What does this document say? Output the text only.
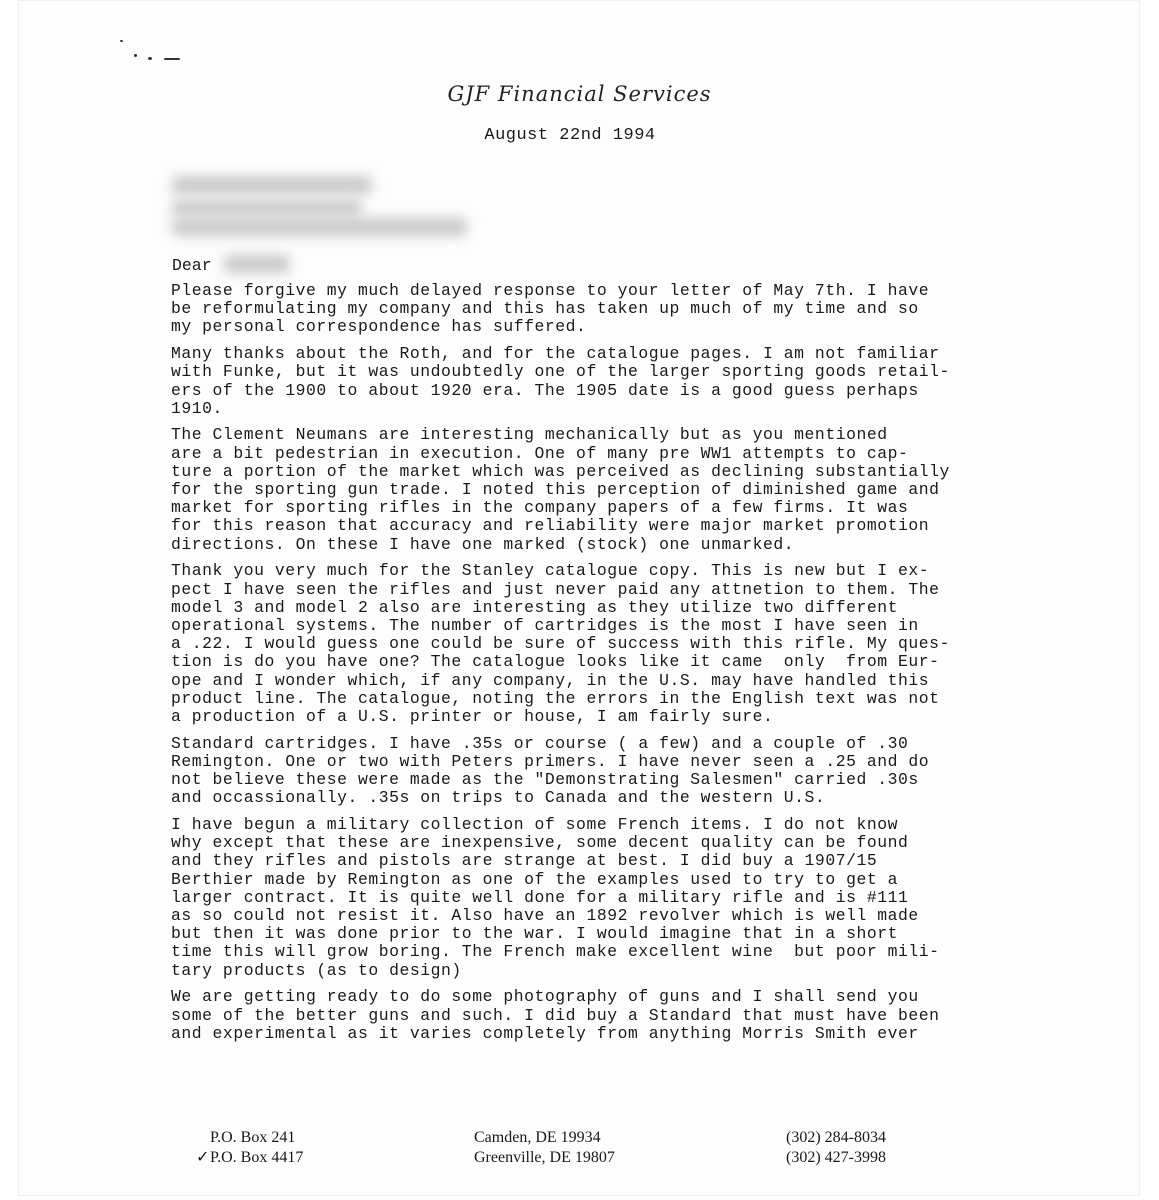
GJF Financial Services
August 22nd 1994
Dear
Please forgive my much delayed response to your letter of May 7th. I have
be reformulating my company and this has taken up much of my time and so
my personal correspondence has suffered.
Many thanks about the Roth, and for the catalogue pages. I am not familiar
with Funke, but it was undoubtedly one of the larger sporting goods retail-
ers of the 1900 to about 1920 era. The 1905 date is a good guess perhaps
1910.
The Clement Neumans are interesting mechanically but as you mentioned
are a bit pedestrian in execution. One of many pre WW1 attempts to cap-
ture a portion of the market which was perceived as declining substantially
for the sporting gun trade. I noted this perception of diminished game and
market for sporting rifles in the company papers of a few firms. It was
for this reason that accuracy and reliability were major market promotion
directions. On these I have one marked (stock) one unmarked.
Thank you very much for the Stanley catalogue copy. This is new but I ex-
pect I have seen the rifles and just never paid any attnetion to them. The
model 3 and model 2 also are interesting as they utilize two different
operational systems. The number of cartridges is the most I have seen in
a .22. I would guess one could be sure of success with this rifle. My ques-
tion is do you have one? The catalogue looks like it came  only  from Eur-
ope and I wonder which, if any company, in the U.S. may have handled this
product line. The catalogue, noting the errors in the English text was not
a production of a U.S. printer or house, I am fairly sure.
Standard cartridges. I have .35s or course ( a few) and a couple of .30
Remington. One or two with Peters primers. I have never seen a .25 and do
not believe these were made as the "Demonstrating Salesmen" carried .30s
and occassionally. .35s on trips to Canada and the western U.S.
I have begun a military collection of some French items. I do not know
why except that these are inexpensive, some decent quality can be found
and they rifles and pistols are strange at best. I did buy a 1907/15
Berthier made by Remington as one of the examples used to try to get a
larger contract. It is quite well done for a military rifle and is #111
as so could not resist it. Also have an 1892 revolver which is well made
but then it was done prior to the war. I would imagine that in a short
time this will grow boring. The French make excellent wine  but poor mili-
tary products (as to design)
We are getting ready to do some photography of guns and I shall send you
some of the better guns and such. I did buy a Standard that must have been
and experimental as it varies completely from anything Morris Smith ever
P.O. Box 241
P.O. Box 4417
✓
Camden, DE 19934
Greenville, DE 19807
(302) 284-8034
(302) 427-3998
